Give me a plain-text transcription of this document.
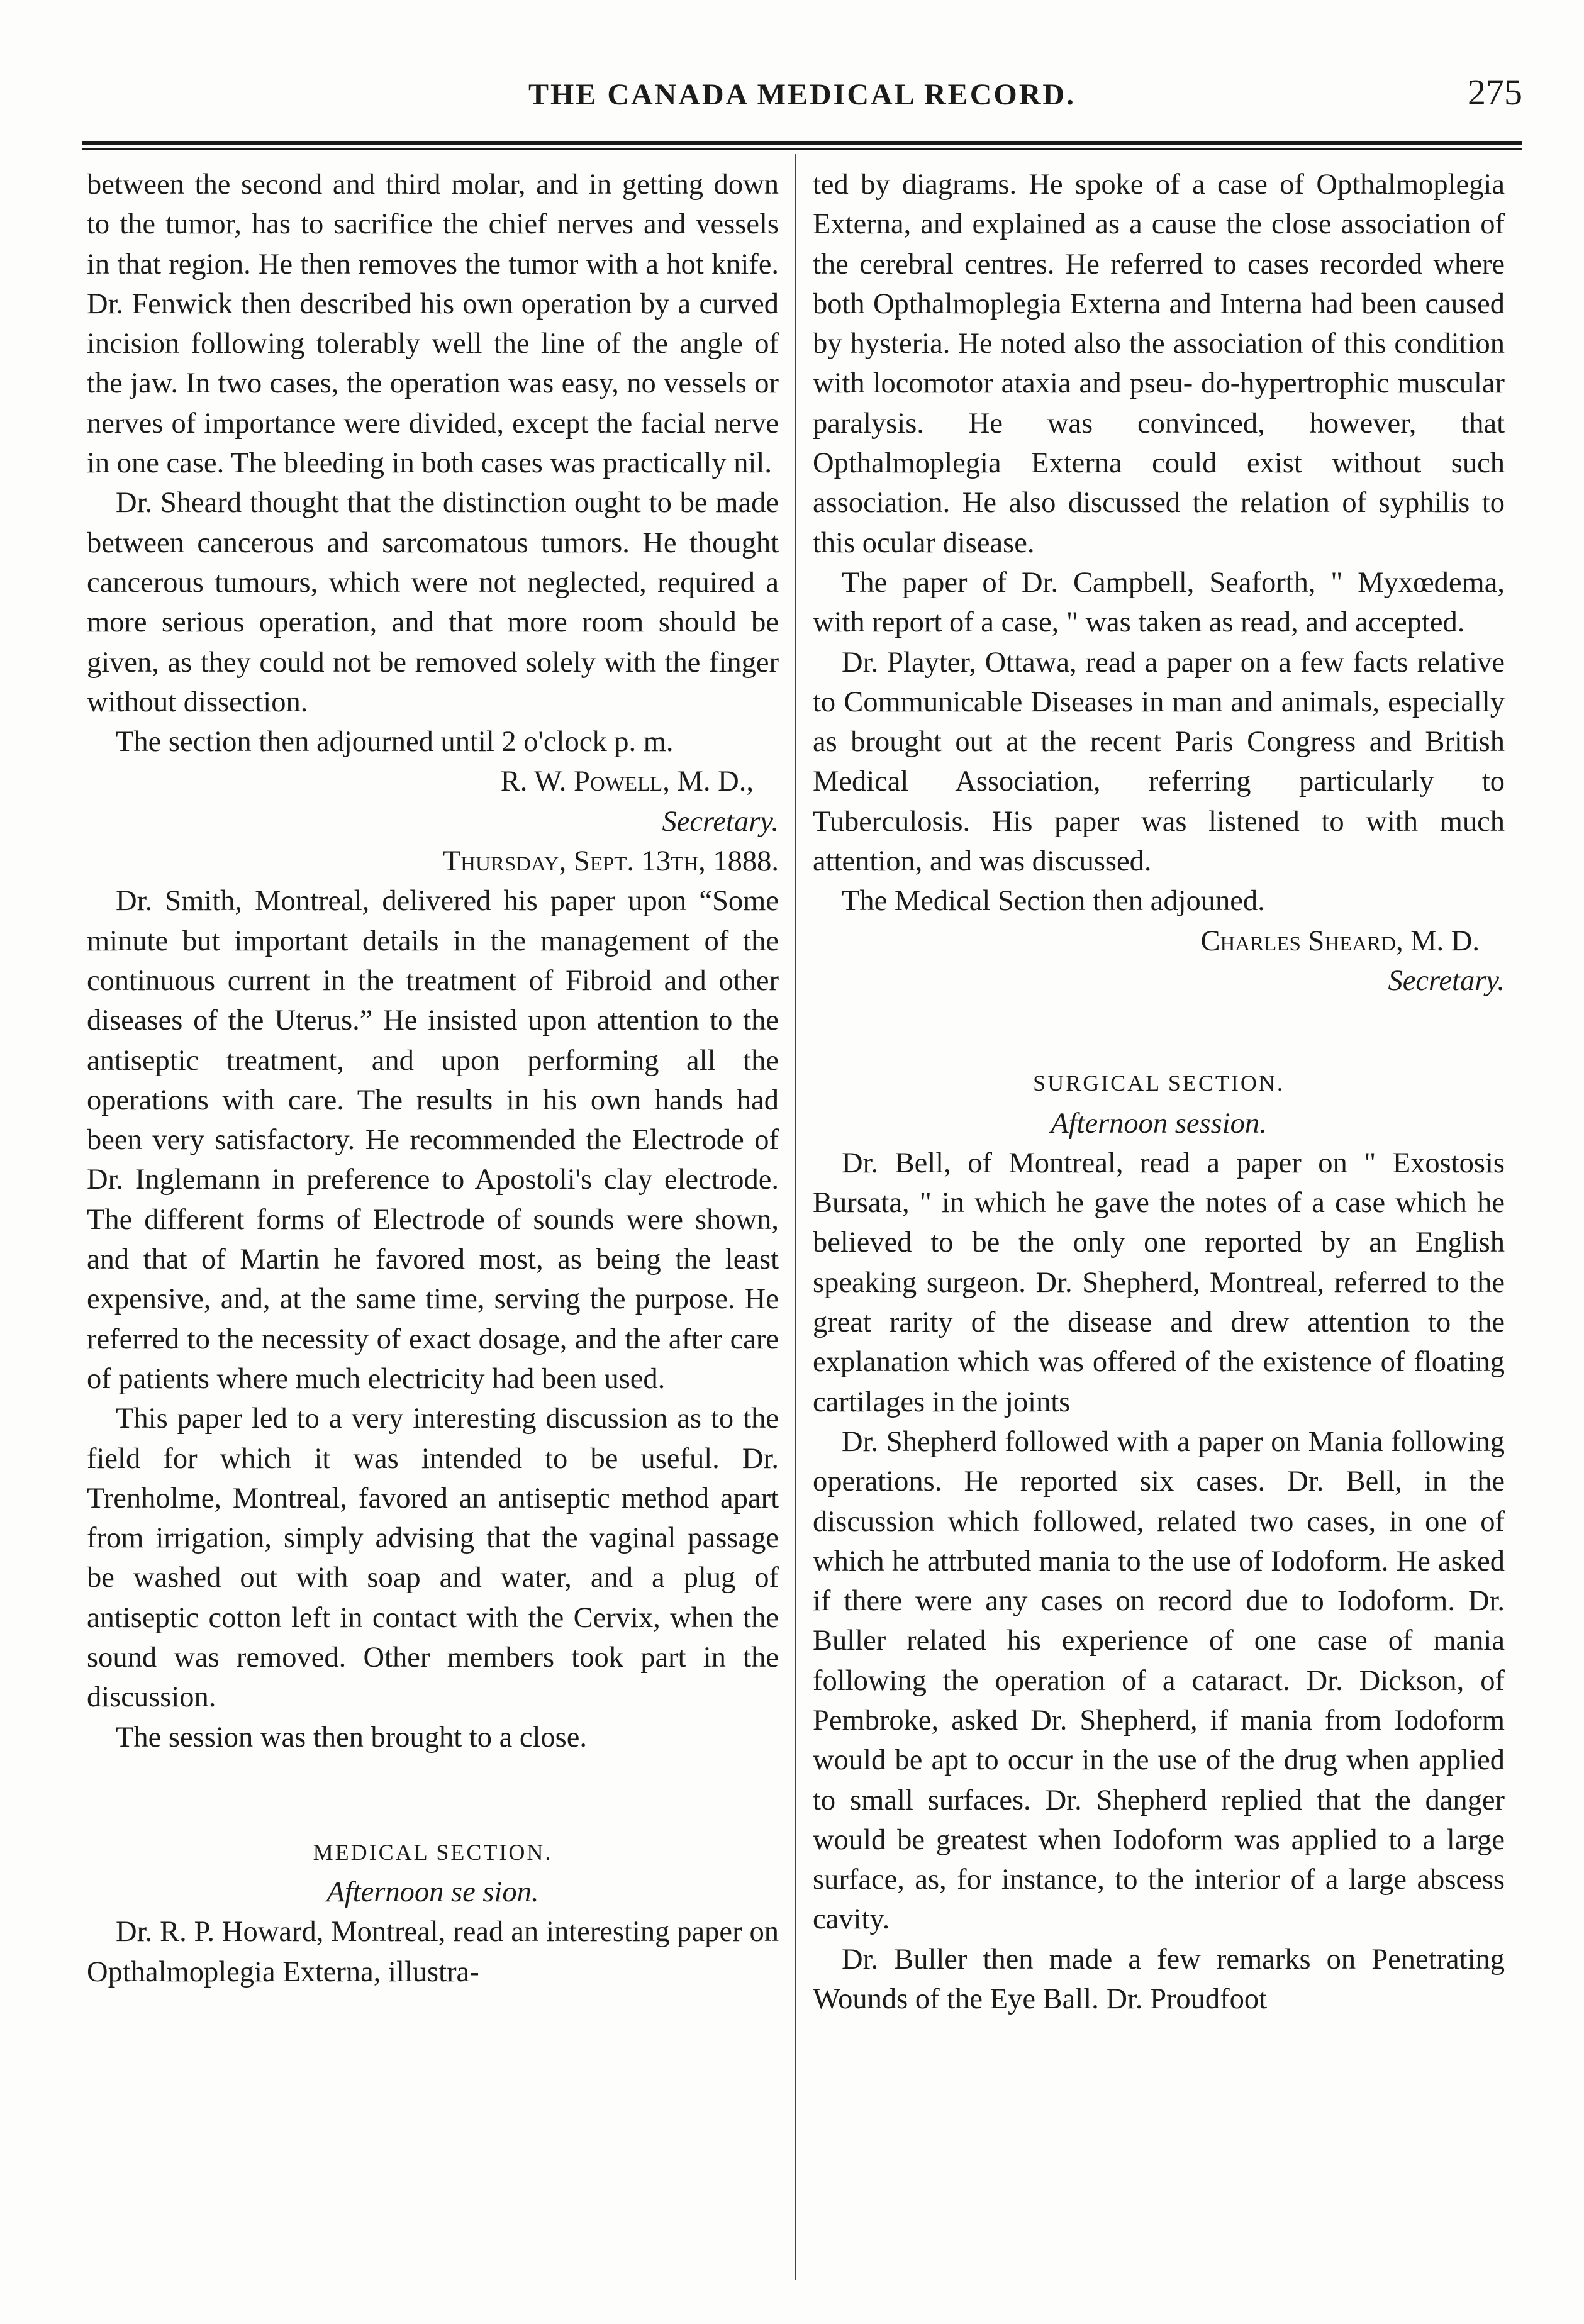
THE CANADA MEDICAL RECORD.	275

between the second and third molar, and in getting down to the tumor, has to sacrifice the chief nerves and vessels in that region. He then removes the tumor with a hot knife. Dr. Fenwick then described his own operation by a curved incision following tolerably well the line of the angle of the jaw. In two cases, the operation was easy, no vessels or nerves of importance were divided, except the facial nerve in one case. The bleeding in both cases was practically nil.

Dr. Sheard thought that the distinction ought to be made between cancerous and sarcomatous tumors. He thought cancerous tumours, which were not neglected, required a more serious operation, and that more room should be given, as they could not be removed solely with the finger without dissection.

The section then adjourned until 2 o'clock p. m.

R. W. Powell, M. D.,
Secretary.
Thursday, Sept. 13th, 1888.

Dr. Smith, Montreal, delivered his paper upon “Some minute but important details in the management of the continuous current in the treatment of Fibroid and other diseases of the Uterus.” He insisted upon attention to the antiseptic treatment, and upon performing all the operations with care. The results in his own hands had been very satisfactory. He recommended the Electrode of Dr. Inglemann in preference to Apostoli's clay electrode. The different forms of Electrode of sounds were shown, and that of Martin he favored most, as being the least expensive, and, at the same time, serving the purpose. He referred to the necessity of exact dosage, and the after care of patients where much electricity had been used.

This paper led to a very interesting discussion as to the field for which it was intended to be useful. Dr. Trenholme, Montreal, favored an antiseptic method apart from irrigation, simply advising that the vaginal passage be washed out with soap and water, and a plug of antiseptic cotton left in contact with the Cervix, when the sound was removed. Other members took part in the discussion.

The session was then brought to a close.

MEDICAL SECTION.
Afternoon se sion.

Dr. R. P. Howard, Montreal, read an interesting paper on Opthalmoplegia Externa, illustra-

ted by diagrams. He spoke of a case of Opthalmoplegia Externa, and explained as a cause the close association of the cerebral centres. He referred to cases recorded where both Opthalmoplegia Externa and Interna had been caused by hysteria. He noted also the association of this condition with locomotor ataxia and pseu- do-hypertrophic muscular paralysis. He was convinced, however, that Opthalmoplegia Externa could exist without such association. He also discussed the relation of syphilis to this ocular disease.

The paper of Dr. Campbell, Seaforth, " Myxœdema, with report of a case, " was taken as read, and accepted.

Dr. Playter, Ottawa, read a paper on a few facts relative to Communicable Diseases in man and animals, especially as brought out at the recent Paris Congress and British Medical Association, referring particularly to Tuberculosis. His paper was listened to with much attention, and was discussed.

The Medical Section then adjouned.

Charles Sheard, M. D.
Secretary.
SURGICAL SECTION.
Afternoon session.

Dr. Bell, of Montreal, read a paper on " Exostosis Bursata, " in which he gave the notes of a case which he believed to be the only one reported by an English speaking surgeon. Dr. Shepherd, Montreal, referred to the great rarity of the disease and drew attention to the explanation which was offered of the existence of floating cartilages in the joints

Dr. Shepherd followed with a paper on Mania following operations. He reported six cases. Dr. Bell, in the discussion which followed, related two cases, in one of which he attrbuted mania to the use of Iodoform. He asked if there were any cases on record due to Iodoform. Dr. Buller related his experience of one case of mania following the operation of a cataract. Dr. Dickson, of Pembroke, asked Dr. Shepherd, if mania from Iodoform would be apt to occur in the use of the drug when applied to small surfaces. Dr. Shepherd replied that the danger would be greatest when Iodoform was applied to a large surface, as, for instance, to the interior of a large abscess cavity.

Dr. Buller then made a few remarks on Penetrating Wounds of the Eye Ball. Dr. Proudfoot
